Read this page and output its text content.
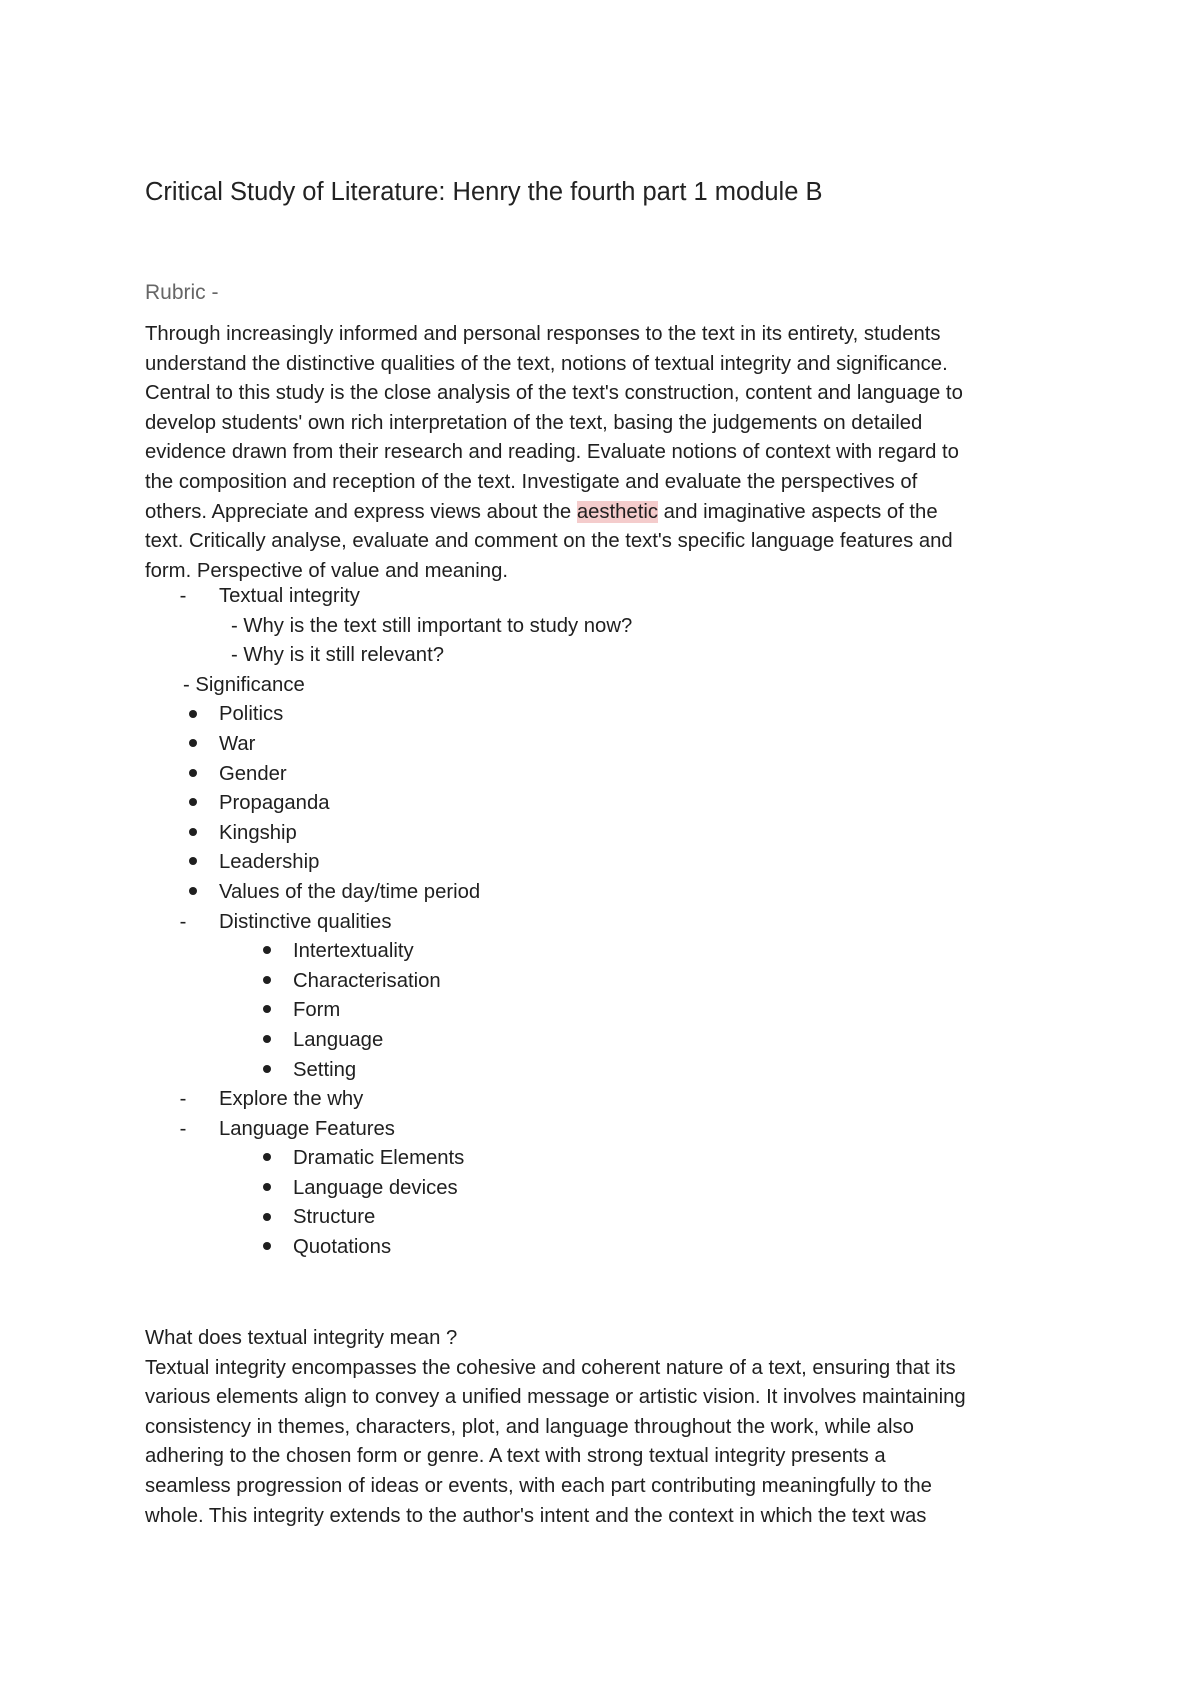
Critical Study of Literature: Henry the fourth part 1 module B
Rubric -
Through increasingly informed and personal responses to the text in its entirety, students
understand the distinctive qualities of the text, notions of textual integrity and significance.
Central to this study is the close analysis of the text's construction, content and language to
develop students' own rich interpretation of the text, basing the judgements on detailed
evidence drawn from their research and reading. Evaluate notions of context with regard to
the composition and reception of the text. Investigate and evaluate the perspectives of
others. Appreciate and express views about the aesthetic and imaginative aspects of the
text. Critically analyse, evaluate and comment on the text's specific language features and
form. Perspective of value and meaning.
-	Textual integrity
- Why is the text still important to study now?
- Why is it still relevant?
- Significance
Politics
War
Gender
Propaganda
Kingship
Leadership
Values of the day/time period
-	Distinctive qualities
Intertextuality
Characterisation
Form
Language
Setting
-	Explore the why
-	Language Features
Dramatic Elements
Language devices
Structure
Quotations
What does textual integrity mean ?
Textual integrity encompasses the cohesive and coherent nature of a text, ensuring that its
various elements align to convey a unified message or artistic vision. It involves maintaining
consistency in themes, characters, plot, and language throughout the work, while also
adhering to the chosen form or genre. A text with strong textual integrity presents a
seamless progression of ideas or events, with each part contributing meaningfully to the
whole. This integrity extends to the author's intent and the context in which the text was
